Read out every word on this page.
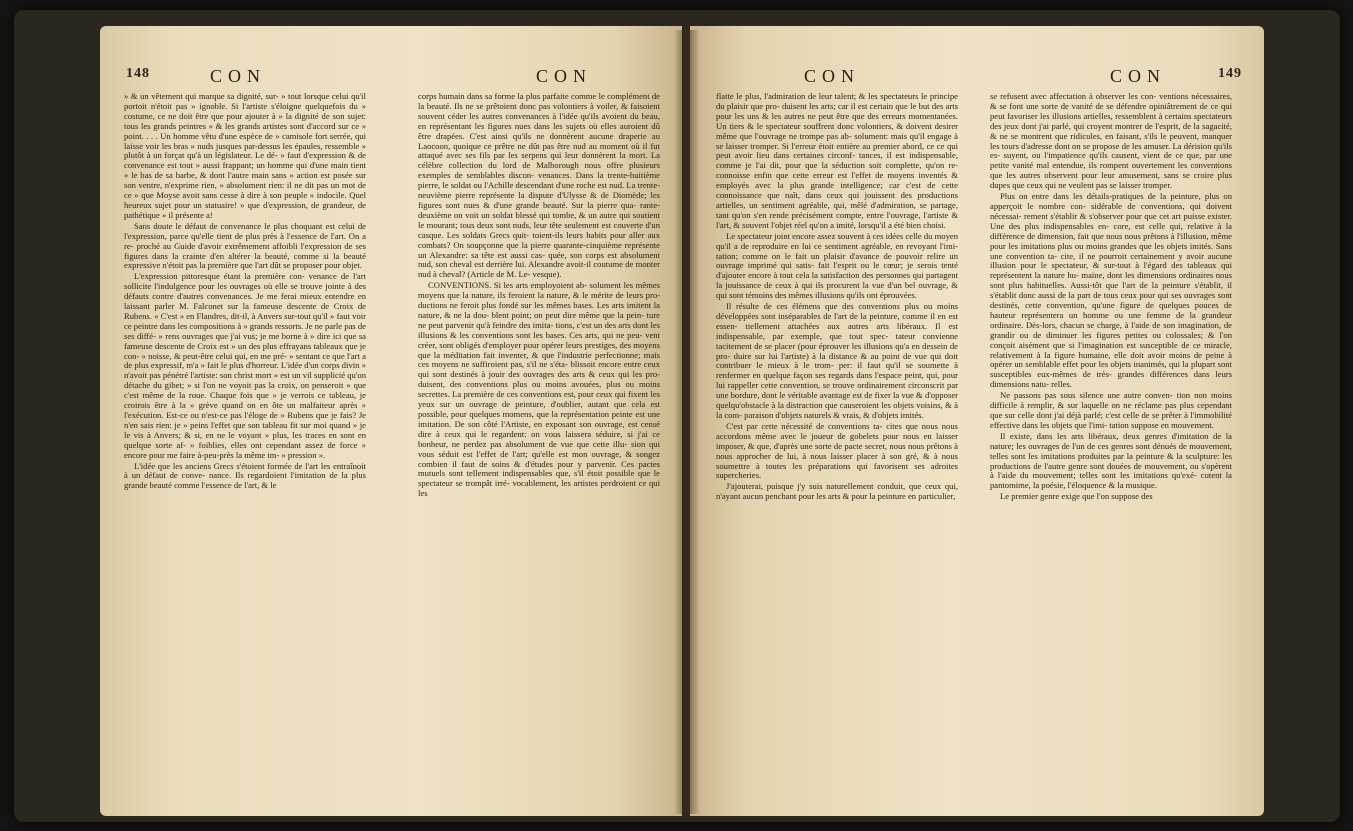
148	CON	CON

» & un vêtement qui marque sa dignité, sur- » tout lorsque celui qu'il portoit n'étoit pas » ignoble. Si l'artiste s'éloigne quelquefois du » costume, ce ne doit être que pour ajouter à » la dignité de son sujet: tous les grands peintres » & les grands artistes sont d'accord sur ce » point. . . . Un homme vêtu d'une espèce de » camisole fort serrée, qui laisse voir les bras » nuds jusques par-dessus les épaules, ressemble » plutôt à un forçat qu'à un législateur. Le dé- » faut d'expression & de convenance est tout » aussi frappant; un homme qui d'une main tient » le bas de sa barbe, & dont l'autre main sans » action est posée sur son ventre, n'exprime rien, » absolument rien: il ne dit pas un mot de ce » que Moyse avoit sans cesse à dire à son peuple » indocile. Quel heureux sujet pour un statuaire! » que d'expression, de grandeur, de pathétique » il présente a!

Sans doute le défaut de convenance le plus choquant est celui de l'expression, parce qu'elle tient de plus près à l'essence de l'art. On a re- proché au Guide d'avoir extrêmement affoibli l'expression de ses figures dans la crainte d'en altérer la beauté, comme si la beauté expressive n'étoit pas la première que l'art dût se proposer pour objet.

L'expression pittoresque étant la première con- venance de l'art sollicite l'indulgence pour les ouvrages où elle se trouve jointe à des défauts contre d'autres convenances. Je me ferai mieux entendre en laissant parler M. Falconet sur la fameuse descente de Croix de Rubens. « C'est » en Flandres, dit-il, à Anvers sur-tout qu'il » faut voir ce peintre dans les compositions à » grands ressorts. Je ne parle pas de ses diffé- » rens ouvrages que j'ai vus; je me borne à » dire ici que sa fameuse descente de Croix est » un des plus effrayans tableaux que je con- » noisse, & peut-être celui qui, en me pré- » sentant ce que l'art a de plus expressif, m'a » fait le plus d'horreur. L'idée d'un corps divin » n'avoit pas pénétré l'artiste: son christ mort » est un vil supplicié qu'on détache du gibet; » si l'on ne voyoit pas la croix, on penseroit » que c'est même de la roue. Chaque fois que » je verrois ce tableau, je croirois être à la » grève quand on en ôte un malfaiteur après » l'exécution. Est-ce ou n'est-ce pas l'éloge de » Rubens que je fais? Je n'en sais rien: je » peins l'effet que son tableau fit sur moi quand » je le vis à Anvers; & si, en ne le voyant » plus, les traces en sont en quelque sorte af- » foiblies, elles ont cependant assez de force » encore pour me faire à-peu-près la même im- » pression ».

L'idée que les anciens Grecs s'étoient formée de l'art les entraînoit à un défaut de conve- nance. Ils regardoient l'imitation de la plus grande beauté comme l'essence de l'art, & le

corps humain dans sa forme la plus parfaite comme le complément de la beauté. Ils ne se prêtoient donc pas volontiers à voiler, & faisoient souvent céder les autres convenances à l'idée qu'ils avoient du beau, en représentant les figures nues dans les sujets où elles auroient dû être drapées. C'est ainsi qu'ils ne donnèrent aucune draperie au Laocoon, quoique ce prêtre ne dût pas être nud au moment où il fut attaqué avec ses fils par les serpens qui leur donnèrent la mort. La célèbre collection du lord de Malborough nous offre plusieurs exemples de semblables discon- venances. Dans la trente-huitième pierre, le soldat ou l'Achille descendant d'une roche est nud. La trente-neuvième pierre représente la dispute d'Ulysse & de Diomède; les figures sont nues & d'une grande beauté. Sur la pierre qua- rante-deuxième on voit un soldat blessé qui tombe, & un autre qui soutient le mourant; tous deux sont nuds, leur tête seulement est couverte d'un casque. Les soldats Grecs quit- toient-ils leurs habits pour aller aux combats? On soupçonne que la pierre quarante-cinquième représente un Alexandre: sa tête est aussi cas- quée, son corps est absolument nud, son cheval est derrière lui. Alexandre avoit-il coutume de monter nud à cheval? (Article de M. Le- vesque).

CONVENTIONS. Si les arts employoient ab- solument les mêmes moyens que la nature, ils feroient la nature, & le mérite de leurs pro- ductions ne feroit plus fondé sur les mêmes bases. Les arts imitent la nature, & ne la dou- blent point; on peut dire même que la pein- ture ne peut parvenir qu'à feindre des imita- tions, c'est un des arts dont les illusions & les conventions sont les bases. Ces arts, qui ne peu- vent créer, sont obligés d'employer pour opérer leurs prestiges, des moyens que la méditation fait inventer, & que l'industrie perfectionne; mais ces moyens ne suffiroient pas, s'il ne s'éta- blissoit encore entre ceux qui sont destinés à jouir des ouvrages des arts & ceux qui les pro- duisent, des conventions plus ou moins avouées, plus ou moins secrettes. La première de ces conventions est, pour ceux qui fixent les yeux sur un ouvrage de peinture, d'oublier, autant que cela est possible, pour quelques momens, que la représentation peinte est une imitation. De son côté l'Artiste, en exposant son ouvrage, est censé dire à ceux qui le regardent: on vous laissera séduire, si j'ai ce bonheur, ne perdez pas absolument de vue que cette illu- sion qui vous séduit est l'effet de l'art; qu'elle est mon ouvrage, & songez combien il faut de soins & d'études pour y parvenir. Ces pactes mutuels sont tellement indispensables que, s'il étoit possible que le spectateur se trompât irré- vocablement, les artistes perdroient ce qui les

CON	CON	149

flatte le plus, l'admiration de leur talent; & les spectateurs le principe du plaisir que pro- duisent les arts; car il est certain que le but des arts pour les uns & les autres ne peut être que des erreurs momentanées. Un tiers & le spectateur souffrent donc volontiers, & doivent desirer même que l'ouvrage ne trompe pas ab- solument: mais qu'il engage à se laisser tromper. Si l'erreur étoit entière au premier abord, ce ce qui peut avoir lieu dans certaines circonf- tances, il est indispensable, comme je l'ai dit, pour que la séduction soit complette, qu'on re- connoisse enfin que cette erreur est l'effet de moyens inventés & employés avec la plus grande intelligence; car c'est de cette connoissance que naît, dans ceux qui jouissent des productions artielles, un sentiment agréable, qui, mêlé d'admiration, se partage, tant qu'on s'en rende précisément compte, entre l'ouvrage, l'artiste & l'art, & souvent l'objet réel qu'on a imité, lorsqu'il a été bien choisi.

Le spectateur joint encore assez souvent à ces idées celle du moyen qu'il a de reproduire en lui ce sentiment agréable, en revoyant l'imi- tation; comme on le fait un plaisir d'avance de pouvoir relire un ouvrage imprimé qui satis- fait l'esprit ou le cœur; je serois tenté d'ajouter encore à tout cela la satisfaction des personnes qui partagent la jouissance de ceux à qui ils procurent la vue d'un bel ouvrage, & qui sont témoins des mêmes illusions qu'ils ont éprouvées.

Il résulte de ces élémens que des conventions plus ou moins développées sont inséparables de l'art de la peinture, comme il en est essen- tiellement attachées aux autres arts libéraux. Il est indispensable, par exemple, que tout spec- tateur convienne tacitement de se placer (pour éprouver les illusions qu'a en dessein de pro- duire sur lui l'artiste) à la distance & au point de vue qui doit contribuer le mieux à le trom- per: il faut qu'il se soumette à renfermer en quelque façon ses regards dans l'espace peint, qui, pour lui rappeller cette convention, se trouve ordinairement circonscrit par une bordure, dont le véritable avantage est de fixer la vue & d'opposer quelqu'obstacle à la distraction que causeroient les objets voisins, & à la com- paraison d'objets naturels & vrais, & d'objets imités.

C'est par cette nécessité de conventions ta- cites que nous nous accordons même avec le joueur de gobelets pour nous en laisser imposer, & que, d'après une sorte de pacte secret, nous nous prêtons à nous approcher de lui, à nous laisser placer à son gré, & à nous soumettre à toutes les préparations qui favorisent ses adroites supercheries.

J'ajouterai, puisque j'y suis naturellement conduit, que ceux qui, n'ayant aucun penchant pour les arts & pour la peinture en particulier,

se refusent avec affectation à observer les con- ventions nécessaires, & se font une sorte de vanité de se défendre opiniâtrement de ce qui peut favoriser les illusions artielles, ressemblent à certains spectateurs des jeux dont j'ai parlé, qui croyent montrer de l'esprit, de la sagacité, & ne se montrent que ridicules, en faisant, s'ils le peuvent, manquer les tours d'adresse dont on se propose de les amuser. La dérision qu'ils es- suyent, ou l'impatience qu'ils causent, vient de ce que, par une petite vanité mal entendue, ils rompent ouvertement les conventions que les autres observent pour leur amusement, sans se croire plus dupes que ceux qui ne veulent pas se laisser tromper.

Plus on entre dans les détails-pratiques de la peinture, plus on apperçoit le nombre con- sidérable de conventions, qui doivent nécessai- rement s'établir & s'observer pour que cet art puisse exister. Une des plus indispensables en- core, est celle qui, relative à la différence de dimension, fait que nous nous prêtons à l'illusion, même pour les imitations plus ou moins grandes que les objets imités. Sans une convention ta- cite, il ne pourroit certainement y avoir aucune illusion pour le spectateur, & sur-tout à l'égard des tableaux qui représentent la nature hu- maine, dont les dimensions ordinaires nous sont plus habituelles. Aussi-tôt que l'art de la peinture s'établit, il s'établit donc aussi de la part de tous ceux pour qui ses ouvrages sont destinés, cette convention, qu'une figure de quelques pouces de hauteur représentera un homme ou une femme de la grandeur ordinaire. Dès-lors, chacun se charge, à l'aide de son imagination, de grandir ou de diminuer les figures petites ou colossales; & l'on conçoit aisément que si l'imagination est susceptible de ce miracle, relativement à la figure humaine, elle doit avoir moins de peine à opérer un semblable effet pour les objets inanimés, qui la plupart sont susceptibles eux-mêmes de très- grandes différences dans leurs dimensions natu- relles.

Ne passons pas sous silence une autre conven- tion non moins difficile à remplir, & sur laquelle on ne réclame pas plus cependant que sur celle dont j'ai déjà parlé; c'est celle de se prêter à l'immobilité effective dans les objets que l'imi- tation suppose en mouvement.

Il existe, dans les arts libéraux, deux genres d'imitation de la nature; les ouvrages de l'un de ces genres sont dénués de mouvement, telles sont les imitations produites par la peinture & la sculpture: les productions de l'autre genre sont douées de mouvement, ou s'opèrent à l'aide du mouvement; telles sont les imitations qu'exé- cutent la pantomime, la poésie, l'éloquence & la musique.

Le premier genre exige que l'on suppose des
